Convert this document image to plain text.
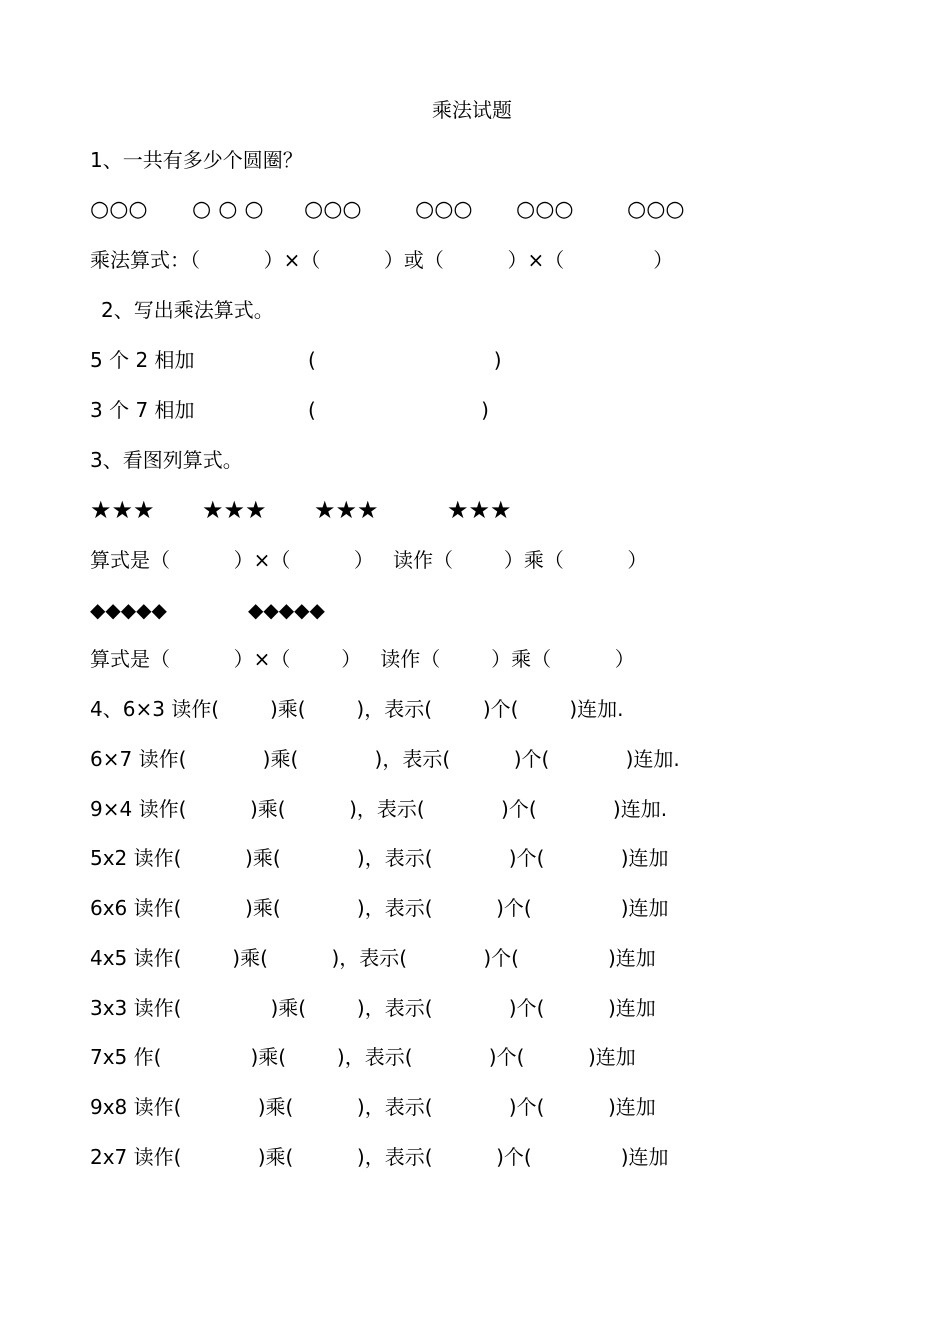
乘法试题
1、一共有多少个圆圈？

○○○

○ ○ ○

○○○

○○○

○○○

○○○

乘法算式：（          ）×（          ）或（          ）×（              ）
2、写出乘法算式。

5 个 2 相加

	(                            )

3 个 7 相加

	(                          )

3、看图列算式。

★★★

★★★

★★★

	★★★

算式是（          ）×（          ）   读作（        ）乘（          ）

◆◆◆◆◆

	◆◆◆◆◆

算式是（          ）×（        ）   读作（        ）乘（          ）
4、6×3 读作(        )乘(        )，表示(        )个(        )连加.
6×7 读作(            )乘(            )，表示(          )个(            )连加.
9×4 读作(          )乘(          )，表示(            )个(            )连加.
5x2 读作(          )乘(            )，表示(            )个(            )连加
6x6 读作(          )乘(            )，表示(          )个(              )连加
4x5 读作(        )乘(          )，表示(            )个(              )连加
3x3 读作(              )乘(        )，表示(            )个(          )连加
7x5 作(              )乘(        )，表示(            )个(          )连加
9x8 读作(            )乘(          )，表示(            )个(          )连加
2x7 读作(            )乘(          )，表示(          )个(              )连加
